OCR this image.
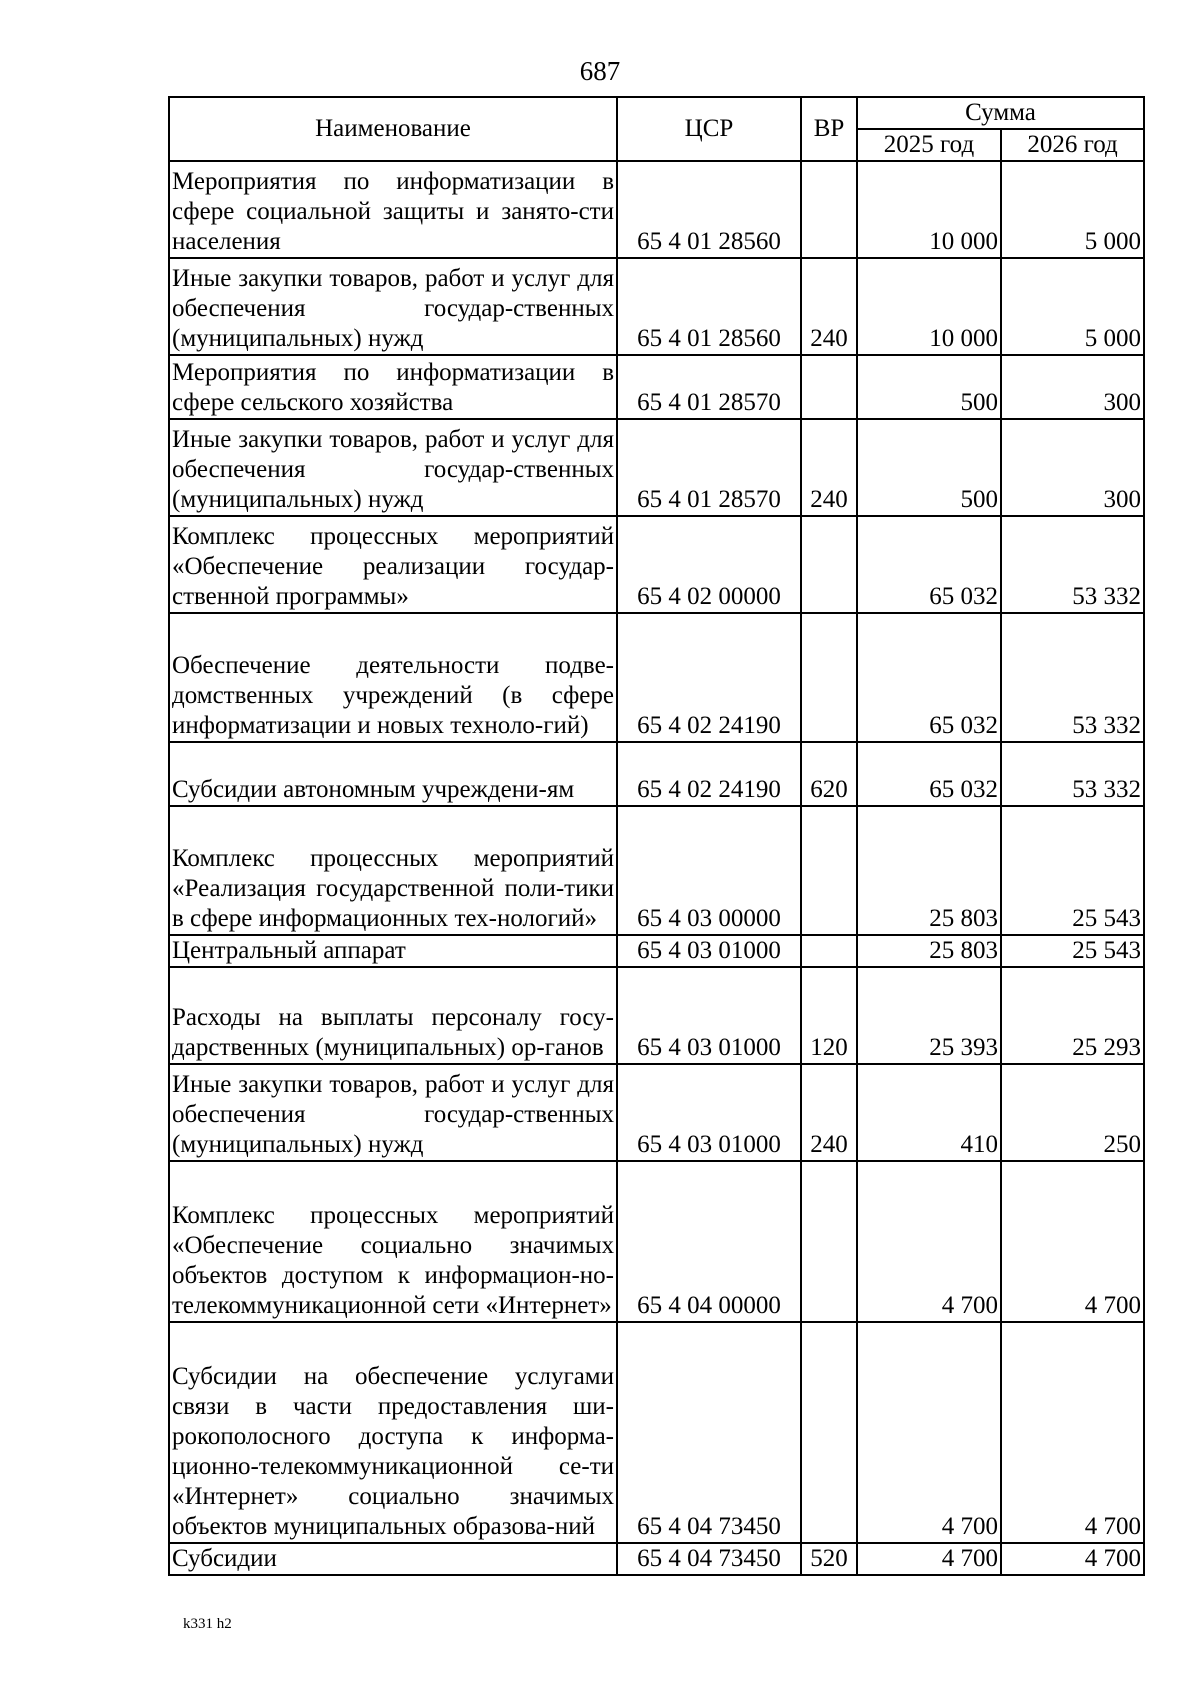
687
Наименование	ЦСР	ВР	Сумма	
			2025 год	2026 год
Мероприятия по информатизации в сфере социальной защиты и занято-сти населения	65 4 01 28560		10 000	5 000
Иные закупки товаров, работ и услуг для обеспечения государ-ственных (муниципальных) нужд	65 4 01 28560	240	10 000	5 000
Мероприятия по информатизации в сфере сельского хозяйства	65 4 01 28570		500	300
Иные закупки товаров, работ и услуг для обеспечения государ-ственных (муниципальных) нужд	65 4 01 28570	240	500	300
Комплекс процессных мероприятий «Обеспечение реализации государ-ственной программы»	65 4 02 00000		65 032	53 332
Обеспечение деятельности подве-домственных учреждений (в сфере информатизации и новых техноло-гий)	65 4 02 24190		65 032	53 332
Субсидии автономным учреждени-ям	65 4 02 24190	620	65 032	53 332
Комплекс процессных мероприятий «Реализация государственной поли-тики в сфере информационных тех-нологий»	65 4 03 00000		25 803	25 543
Центральный аппарат	65 4 03 01000		25 803	25 543
Расходы на выплаты персоналу госу-дарственных (муниципальных) ор-ганов	65 4 03 01000	120	25 393	25 293
Иные закупки товаров, работ и услуг для обеспечения государ-ственных (муниципальных) нужд	65 4 03 01000	240	410	250
Комплекс процессных мероприятий «Обеспечение социально значимых объектов доступом к информацион-но-телекоммуникационной сети «Интернет»	65 4 04 00000		4 700	4 700
Субсидии на обеспечение услугами связи в части предоставления ши-рокополосного доступа к информа-ционно-телекоммуникационной се-ти «Интернет» социально значимых объектов муниципальных образова-ний	65 4 04 73450		4 700	4 700
Субсидии	65 4 04 73450	520	4 700	4 700
k331 h2
